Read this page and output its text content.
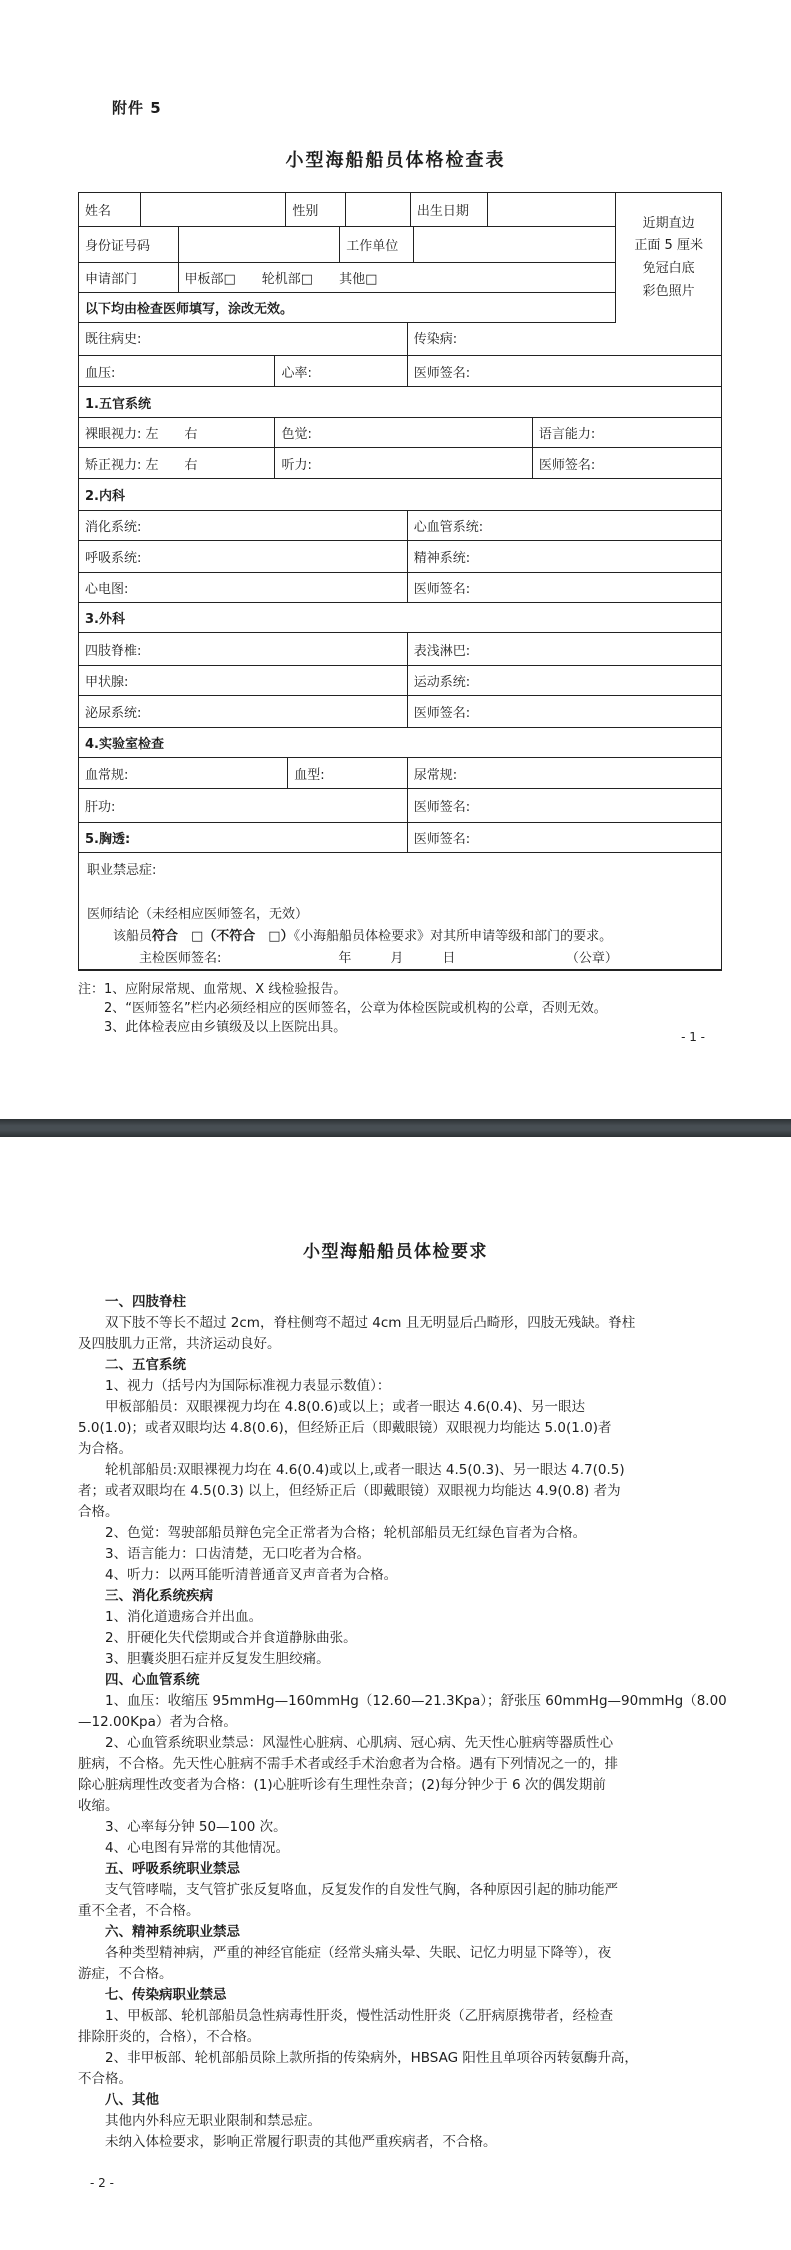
附件 5
小型海船船员体格检查表
姓名	性别	出生日期
身份证号码	工作单位
申请部门	甲板部□　　轮机部□　　其他□
以下均由检查医师填写，涂改无效。
既往病史:	传染病:
血压:	心率:	医师签名:
1.五官系统
裸眼视力: 左　　右	色觉:	语言能力:
矫正视力: 左　　右	听力:	医师签名:
2.内科
消化系统:	心血管系统:
呼吸系统:	精神系统:
心电图:	医师签名:
3.外科
四肢脊椎:	表浅淋巴:
甲状腺:	运动系统:
泌尿系统:	医师签名:
4.实验室检查
血常规:	血型:	尿常规:
肝功:	医师签名:
5.胸透:	医师签名:
职业禁忌症:

医师结论（未经相应医师签名，无效）
　　该船员符合　□（不符合　□）《小海船船员体检要求》对其所申请等级和部门的要求。
　　　　主检医师签名:　　　　　　　　　年　　　月　　　日　　　　　　　　　（公章）
近期直边
正面 5 厘米
免冠白底
彩色照片
注： 1、应附尿常规、血常规、X 线检验报告。
2、“医师签名”栏内必须经相应的医师签名，公章为体检医院或机构的公章，否则无效。
3、此体检表应由乡镇级及以上医院出具。
- 1 -
小型海船船员体检要求
一、四肢脊柱
双下肢不等长不超过 2cm，脊柱侧弯不超过 4cm 且无明显后凸畸形，四肢无残缺。脊柱
及四肢肌力正常，共济运动良好。
二、五官系统
1、视力（括号内为国际标准视力表显示数值）：
甲板部船员：双眼裸视力均在 4.8(0.6)或以上；或者一眼达 4.6(0.4)、另一眼达
5.0(1.0)；或者双眼均达 4.8(0.6)，但经矫正后（即戴眼镜）双眼视力均能达 5.0(1.0)者
为合格。
轮机部船员:双眼裸视力均在 4.6(0.4)或以上,或者一眼达 4.5(0.3)、另一眼达 4.7(0.5)
者；或者双眼均在 4.5(0.3) 以上，但经矫正后（即戴眼镜）双眼视力均能达 4.9(0.8) 者为
合格。
2、色觉：驾驶部船员辩色完全正常者为合格；轮机部船员无红绿色盲者为合格。
3、语言能力：口齿清楚，无口吃者为合格。
4、听力：以两耳能听清普通音叉声音者为合格。
三、消化系统疾病
1、消化道遗疡合并出血。
2、肝硬化失代偿期或合并食道静脉曲张。
3、胆囊炎胆石症并反复发生胆绞痛。
四、心血管系统
1、血压：收缩压 95mmHg—160mmHg（12.60—21.3Kpa）；舒张压 60mmHg—90mmHg（8.00
—12.00Kpa）者为合格。
2、心血管系统职业禁忌：风湿性心脏病、心肌病、冠心病、先天性心脏病等器质性心
脏病，不合格。先天性心脏病不需手术者或经手术治愈者为合格。遇有下列情况之一的，排
除心脏病理性改变者为合格：(1)心脏听诊有生理性杂音；(2)每分钟少于 6 次的偶发期前
收缩。
3、心率每分钟 50—100 次。
4、心电图有异常的其他情况。
五、呼吸系统职业禁忌
支气管哮喘，支气管扩张反复咯血，反复发作的自发性气胸，各种原因引起的肺功能严
重不全者，不合格。
六、精神系统职业禁忌
各种类型精神病，严重的神经官能症（经常头痛头晕、失眠、记忆力明显下降等），夜
游症，不合格。
七、传染病职业禁忌
1、甲板部、轮机部船员急性病毒性肝炎，慢性活动性肝炎（乙肝病原携带者，经检查
排除肝炎的，合格），不合格。
2、非甲板部、轮机部船员除上款所指的传染病外，HBSAG 阳性且单项谷丙转氨酶升高，
不合格。
八、其他
其他内外科应无职业限制和禁忌症。
未纳入体检要求，影响正常履行职责的其他严重疾病者，不合格。
- 2 -
